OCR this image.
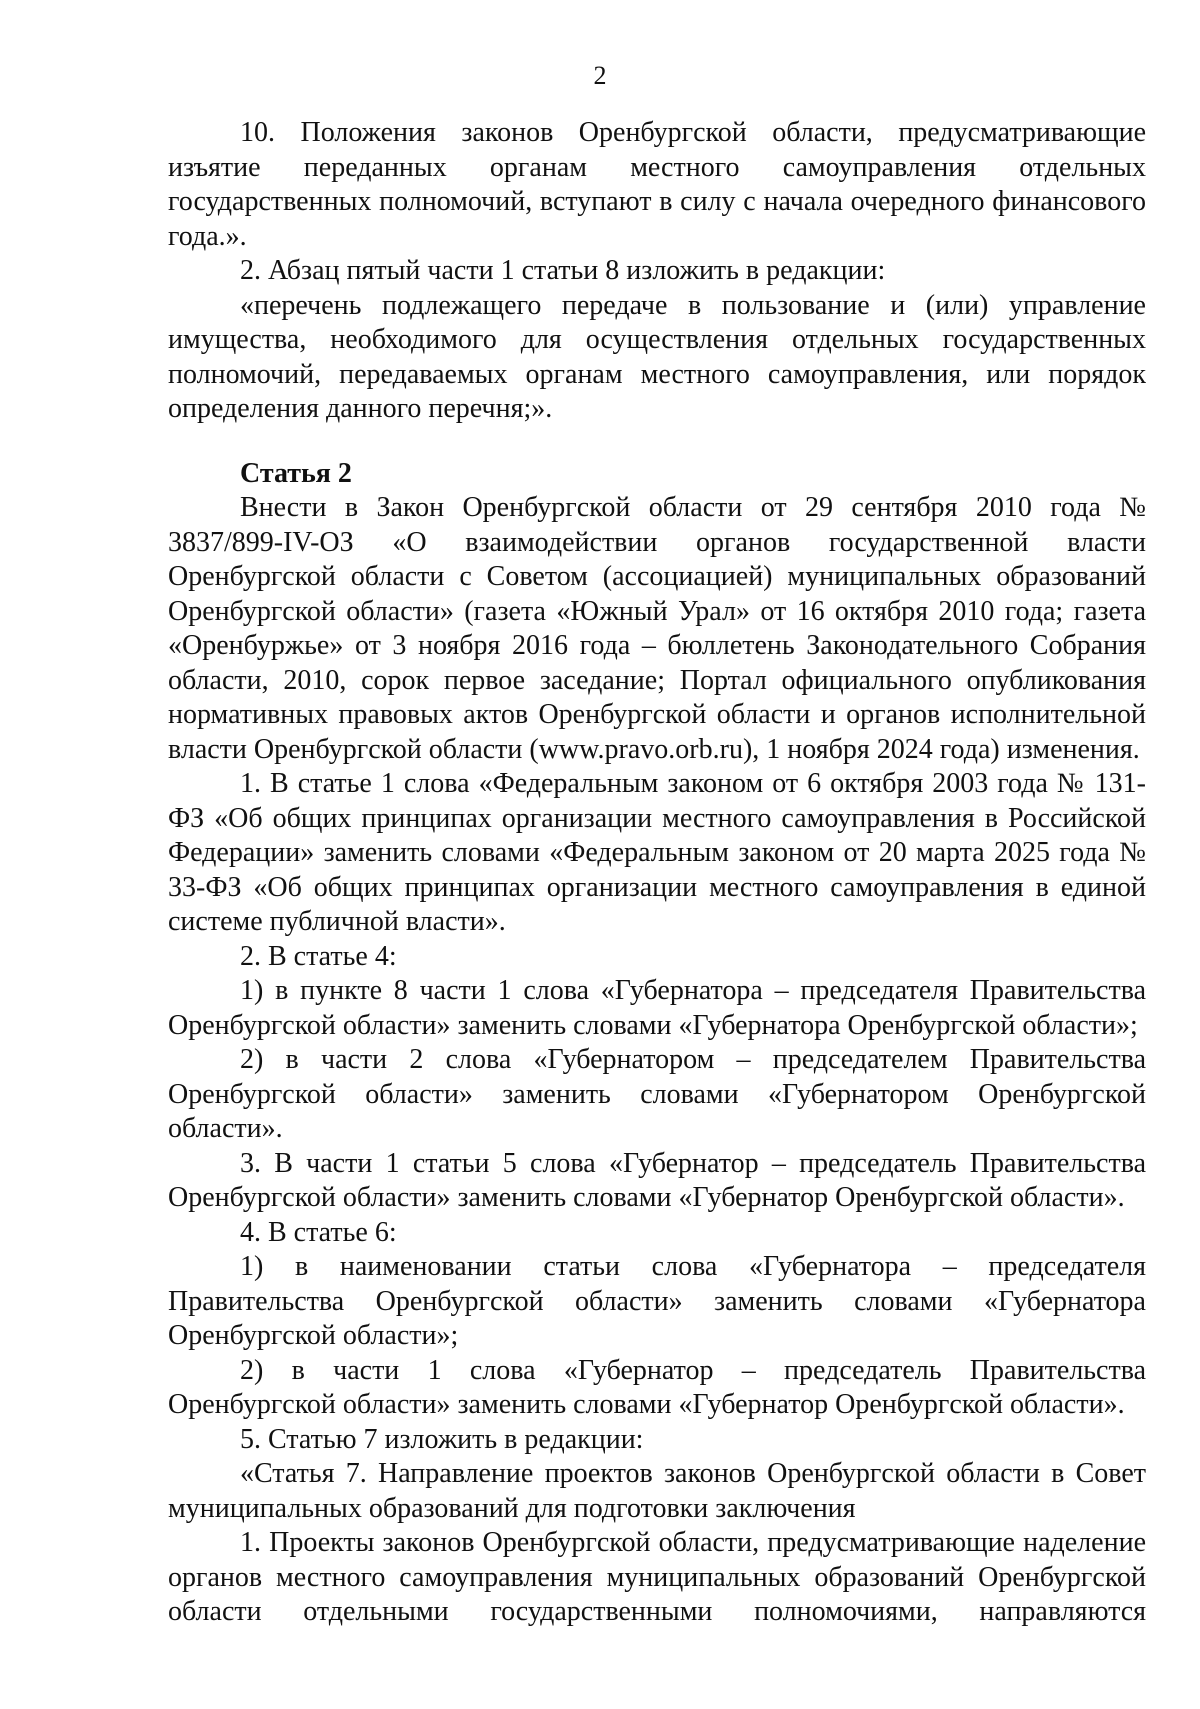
2

10. Положения законов Оренбургской области, предусматривающие изъятие переданных органам местного самоуправления отдельных государственных полномочий, вступают в силу с начала очередного финансового года.».

2. Абзац пятый части 1 статьи 8 изложить в редакции:

«перечень подлежащего передаче в пользование и (или) управление имущества, необходимого для осуществления отдельных государственных полномочий, передаваемых органам местного самоуправления, или порядок определения данного перечня;».

Статья 2

Внести в Закон Оренбургской области от 29 сентября 2010 года № 3837/899-IV-ОЗ «О взаимодействии органов государственной власти Оренбургской области с Советом (ассоциацией) муниципальных образований Оренбургской области» (газета «Южный Урал» от 16 октября 2010 года; газета «Оренбуржье» от 3 ноября 2016 года – бюллетень Законодательного Собрания области, 2010, сорок первое заседание; Портал официального опубликования нормативных правовых актов Оренбургской области и органов исполнительной власти Оренбургской области (www.pravo.orb.ru), 1 ноября 2024 года) изменения.

1. В статье 1 слова «Федеральным законом от 6 октября 2003 года № 131-ФЗ «Об общих принципах организации местного самоуправления в Российской Федерации» заменить словами «Федеральным законом от 20 марта 2025 года № 33-ФЗ «Об общих принципах организации местного самоуправления в единой системе публичной власти».

2. В статье 4:

1) в пункте 8 части 1 слова «Губернатора – председателя Правительства Оренбургской области» заменить словами «Губернатора Оренбургской области»;

2) в части 2 слова «Губернатором – председателем Правительства Оренбургской области» заменить словами «Губернатором Оренбургской области».

3. В части 1 статьи 5 слова «Губернатор – председатель Правительства Оренбургской области» заменить словами «Губернатор Оренбургской области».

4. В статье 6:

1) в наименовании статьи слова «Губернатора – председателя Правительства Оренбургской области» заменить словами «Губернатора Оренбургской области»;

2) в части 1 слова «Губернатор – председатель Правительства Оренбургской области» заменить словами «Губернатор Оренбургской области».

5. Статью 7 изложить в редакции:

«Статья 7. Направление проектов законов Оренбургской области в Совет муниципальных образований для подготовки заключения

1. Проекты законов Оренбургской области, предусматривающие наделение органов местного самоуправления муниципальных образований Оренбургской области отдельными государственными полномочиями, направляются
